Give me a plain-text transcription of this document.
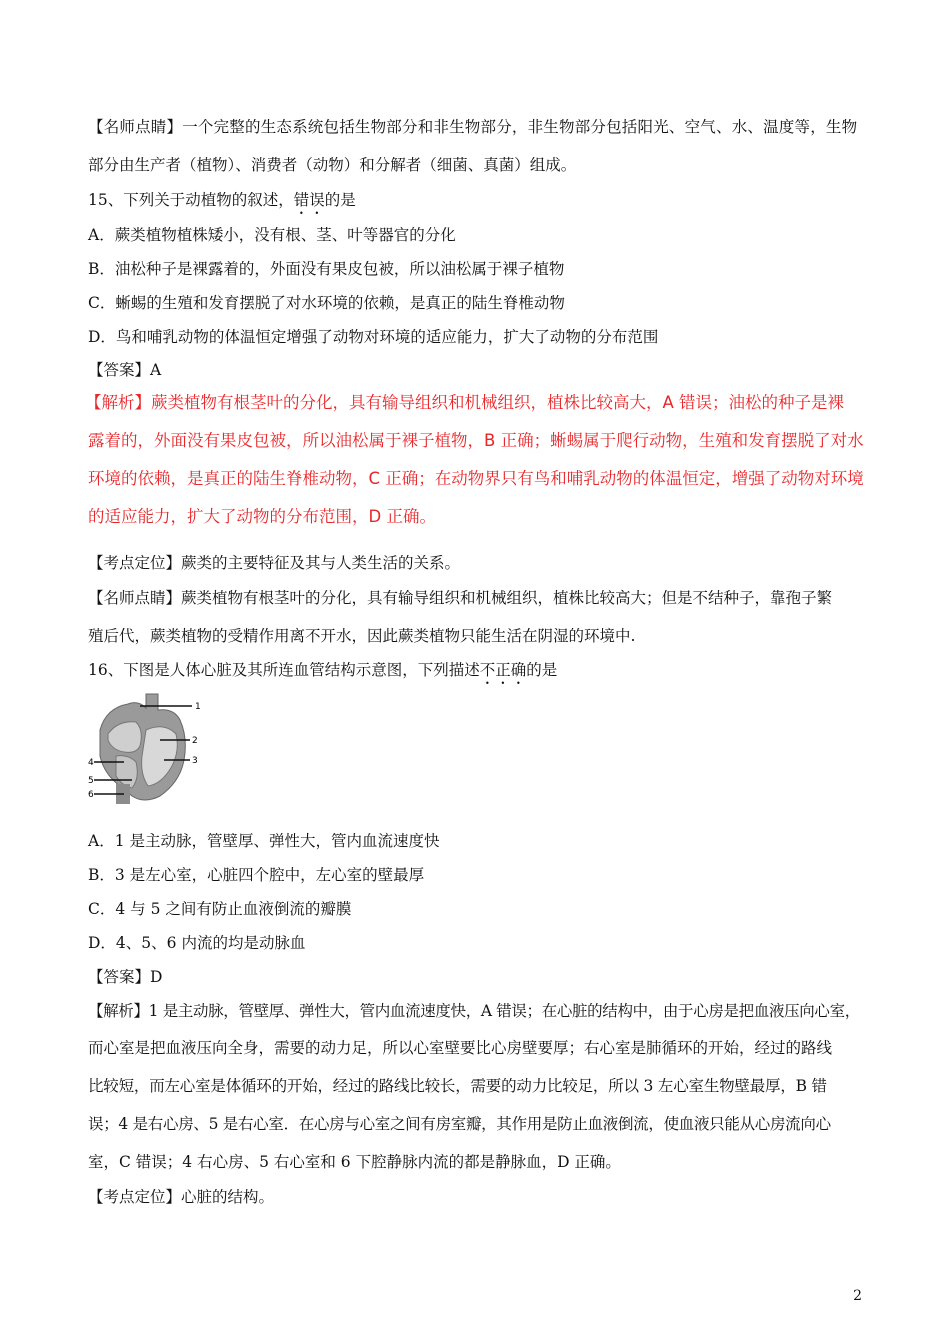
【名师点睛】一个完整的生态系统包括生物部分和非生物部分，非生物部分包括阳光、空气、水、温度等，生物
部分由生产者（植物）、消费者（动物）和分解者（细菌、真菌）组成。
15、下列关于动植物的叙述，错误的是
A．蕨类植物植株矮小，没有根、茎、叶等器官的分化
B．油松种子是裸露着的，外面没有果皮包被，所以油松属于裸子植物
C．蜥蜴的生殖和发育摆脱了对水环境的依赖，是真正的陆生脊椎动物
D．鸟和哺乳动物的体温恒定增强了动物对环境的适应能力，扩大了动物的分布范围
【答案】A
【解析】蕨类植物有根茎叶的分化，具有输导组织和机械组织，植株比较高大，A 错误；油松的种子是裸
露着的，外面没有果皮包被，所以油松属于裸子植物，B 正确；蜥蜴属于爬行动物，生殖和发育摆脱了对水
环境的依赖，是真正的陆生脊椎动物，C 正确；在动物界只有鸟和哺乳动物的体温恒定，增强了动物对环境
的适应能力，扩大了动物的分布范围，D 正确。
【考点定位】蕨类的主要特征及其与人类生活的关系。
【名师点睛】蕨类植物有根茎叶的分化，具有输导组织和机械组织，植株比较高大；但是不结种子，靠孢子繁
殖后代，蕨类植物的受精作用离不开水，因此蕨类植物只能生活在阴湿的环境中.
16、下图是人体心脏及其所连血管结构示意图，下列描述不正确的是
1
2
3
4
5
6
A．1 是主动脉，管壁厚、弹性大，管内血流速度快
B．3 是左心室，心脏四个腔中，左心室的壁最厚
C．4 与 5 之间有防止血液倒流的瓣膜
D．4、5、6 内流的均是动脉血
【答案】D
【解析】1 是主动脉，管壁厚、弹性大，管内血流速度快，A 错误；在心脏的结构中，由于心房是把血液压向心室，
而心室是把血液压向全身，需要的动力足，所以心室壁要比心房壁要厚；右心室是肺循环的开始，经过的路线
比较短，而左心室是体循环的开始，经过的路线比较长，需要的动力比较足，所以 3 左心室生物壁最厚，B 错
误；4 是右心房、5 是右心室．在心房与心室之间有房室瓣，其作用是防止血液倒流，使血液只能从心房流向心
室，C 错误；4 右心房、5 右心室和 6 下腔静脉内流的都是静脉血，D 正确。
【考点定位】心脏的结构。
2
